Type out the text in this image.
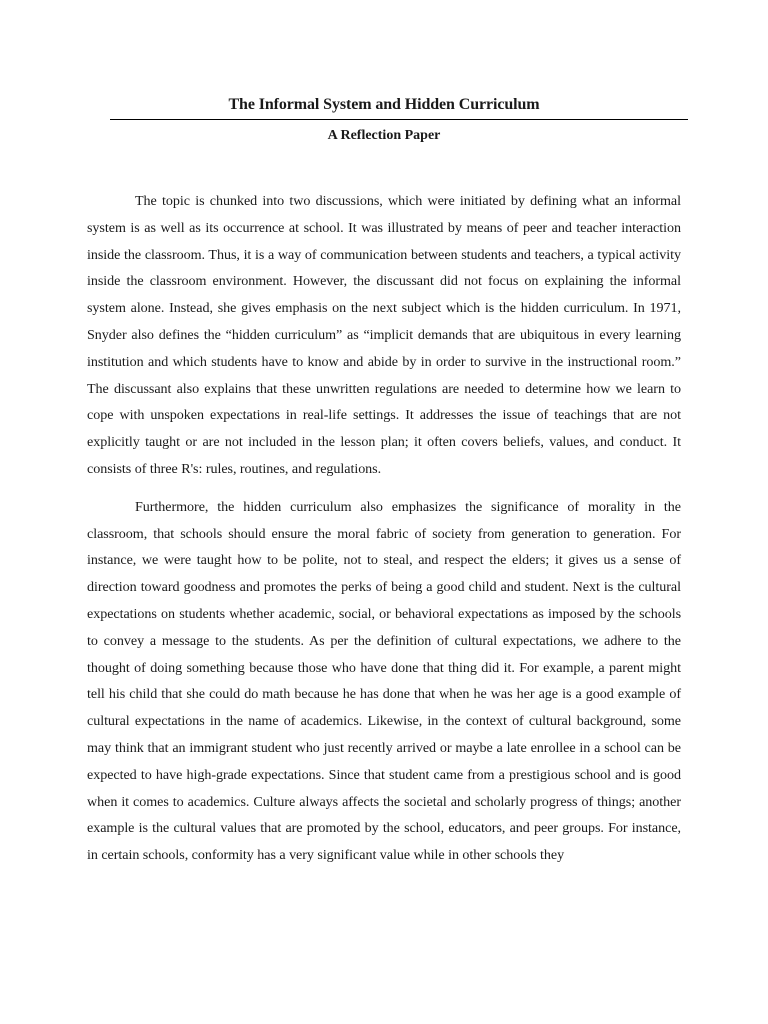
The Informal System and Hidden Curriculum
A Reflection Paper

The topic is chunked into two discussions, which were initiated by defining what an informal system is as well as its occurrence at school. It was illustrated by means of peer and teacher interaction inside the classroom. Thus, it is a way of communication between students and teachers, a typical activity inside the classroom environment. However, the discussant did not focus on explaining the informal system alone. Instead, she gives emphasis on the next subject which is the hidden curriculum. In 1971, Snyder also defines the “hidden curriculum” as “implicit demands that are ubiquitous in every learning institution and which students have to know and abide by in order to survive in the instructional room.” The discussant also explains that these unwritten regulations are needed to determine how we learn to cope with unspoken expectations in real-life settings. It addresses the issue of teachings that are not explicitly taught or are not included in the lesson plan; it often covers beliefs, values, and conduct. It consists of three R's: rules, routines, and regulations.

Furthermore, the hidden curriculum also emphasizes the significance of morality in the classroom, that schools should ensure the moral fabric of society from generation to generation. For instance, we were taught how to be polite, not to steal, and respect the elders; it gives us a sense of direction toward goodness and promotes the perks of being a good child and student. Next is the cultural expectations on students whether academic, social, or behavioral expectations as imposed by the schools to convey a message to the students. As per the definition of cultural expectations, we adhere to the thought of doing something because those who have done that thing did it. For example, a parent might tell his child that she could do math because he has done that when he was her age is a good example of cultural expectations in the name of academics. Likewise, in the context of cultural background, some may think that an immigrant student who just recently arrived or maybe a late enrollee in a school can be expected to have high-grade expectations. Since that student came from a prestigious school and is good when it comes to academics. Culture always affects the societal and scholarly progress of things; another example is the cultural values that are promoted by the school, educators, and peer groups. For instance, in certain schools, conformity has a very significant value while in other schools they
